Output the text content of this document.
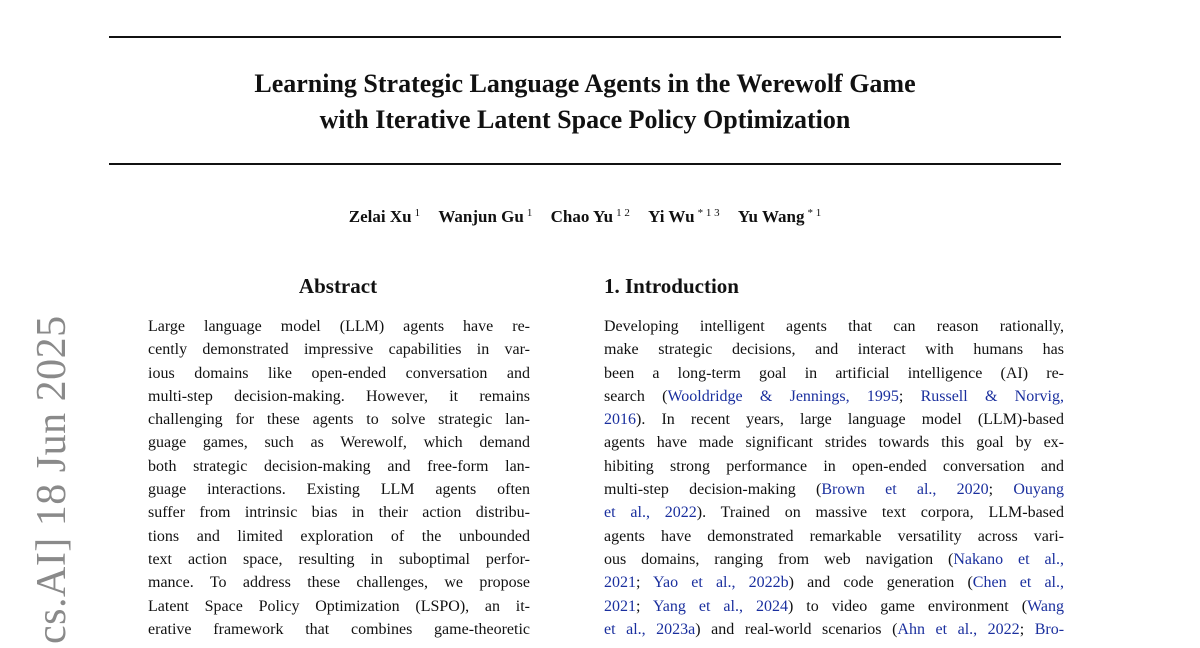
Learning Strategic Language Agents in the Werewolf Game
with Iterative Latent Space Policy Optimization
Zelai Xu $^1$ Wanjun Gu $^1$ Chao Yu $^{1 2}$ Yi Wu $^{* 1 3}$ Yu Wang $^{* 1}$
Abstract	1. Introduction
Large language model (LLM) agents have re-
cently demonstrated impressive capabilities in var-
ious domains like open-ended conversation and
multi-step decision-making. However, it remains
challenging for these agents to solve strategic lan-
guage games, such as Werewolf, which demand
both strategic decision-making and free-form lan-
guage interactions. Existing LLM agents often
suffer from intrinsic bias in their action distribu-
tions and limited exploration of the unbounded
text action space, resulting in suboptimal perfor-
mance. To address these challenges, we propose
Latent Space Policy Optimization (LSPO), an it-
erative framework that combines game-theoretic
Developing intelligent agents that can reason rationally,
make strategic decisions, and interact with humans has
been a long-term goal in artificial intelligence (AI) re-
search (Wooldridge & Jennings, 1995; Russell & Norvig,
2016). In recent years, large language model (LLM)-based
agents have made significant strides towards this goal by ex-
hibiting strong performance in open-ended conversation and
multi-step decision-making (Brown et al., 2020; Ouyang
et al., 2022). Trained on massive text corpora, LLM-based
agents have demonstrated remarkable versatility across vari-
ous domains, ranging from web navigation (Nakano et al.,
2021; Yao et al., 2022b) and code generation (Chen et al.,
2021; Yang et al., 2024) to video game environment (Wang
et al., 2023a) and real-world scenarios (Ahn et al., 2022; Bro-
cs.AI] 18 Jun 2025
